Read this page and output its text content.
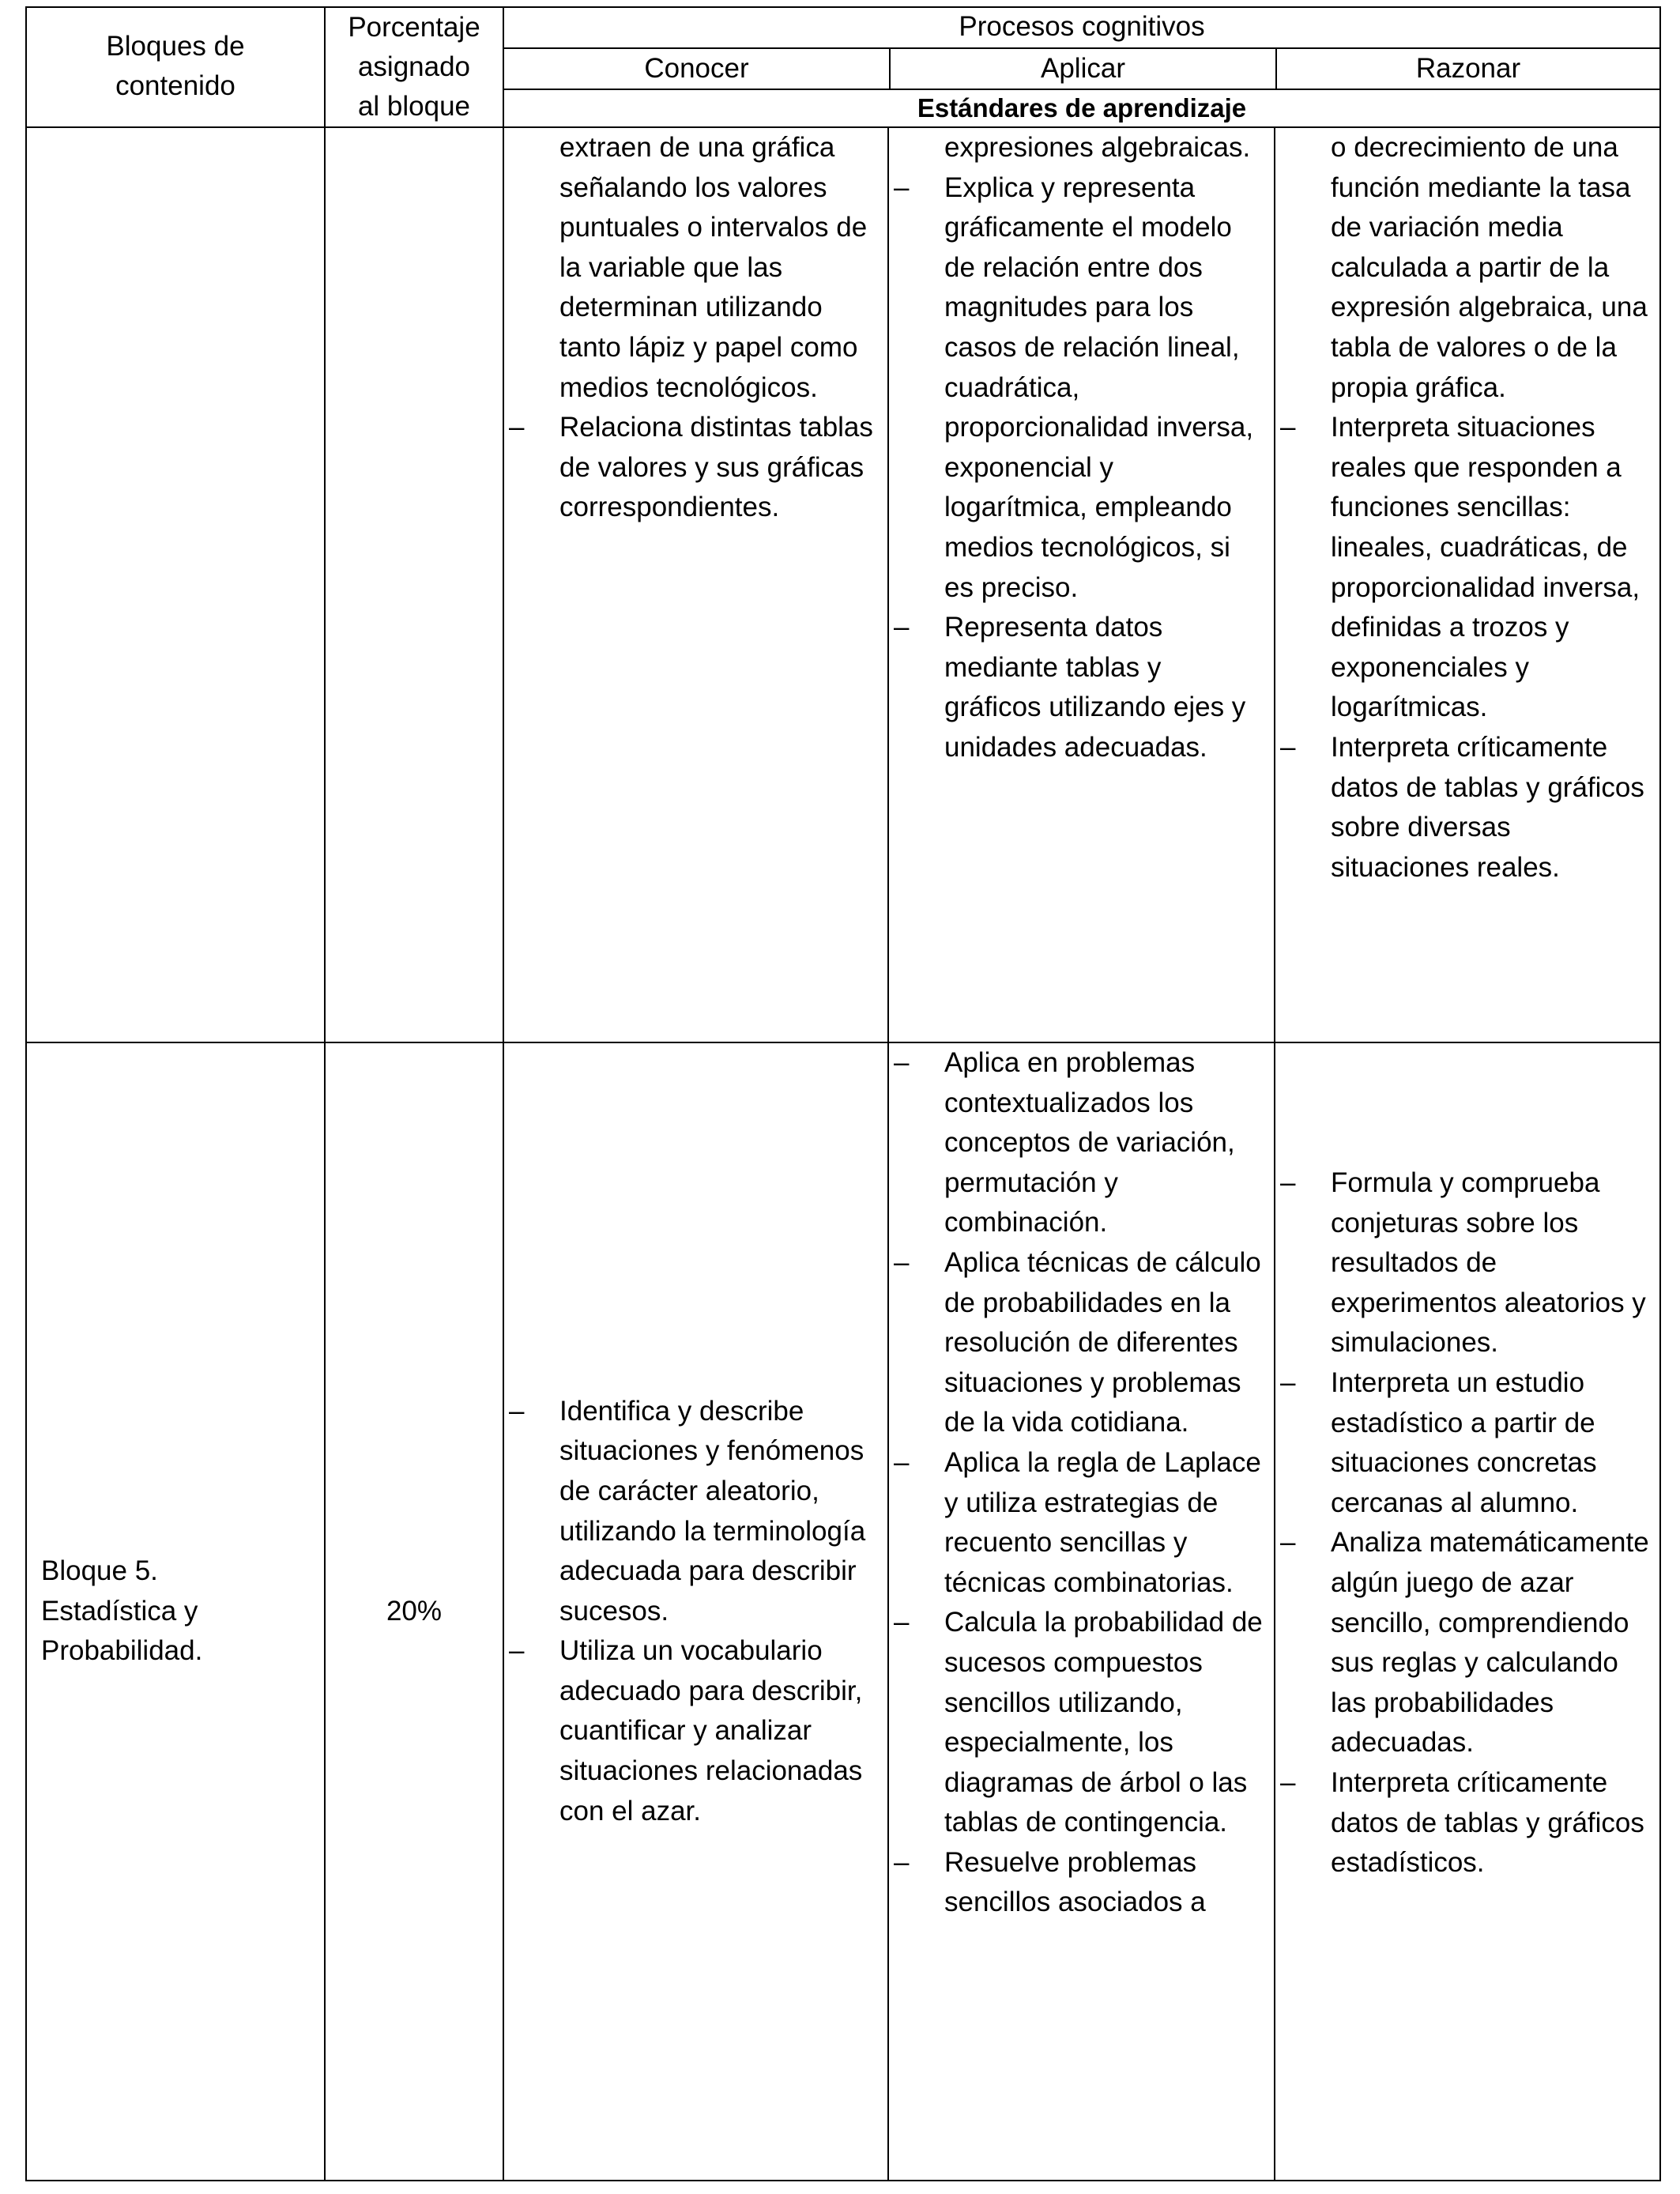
Bloques de
contenido
Porcentaje
asignado
al bloque
Procesos cognitivos
Conocer	Aplicar	Razonar
Estándares de aprendizaje
extraen de una gráfica señalando los valores puntuales o intervalos de la variable que las determinan utilizando tanto lápiz y papel como medios tecnológicos.
– Relaciona distintas tablas de valores y sus gráficas correspondientes.
expresiones algebraicas.
– Explica y representa gráficamente el modelo de relación entre dos magnitudes para los casos de relación lineal, cuadrática, proporcionalidad inversa, exponencial y logarítmica, empleando medios tecnológicos, si es preciso.
– Representa datos mediante tablas y gráficos utilizando ejes y unidades adecuadas.
o decrecimiento de una función mediante la tasa de variación media calculada a partir de la expresión algebraica, una tabla de valores o de la propia gráfica.
– Interpreta situaciones reales que responden a funciones sencillas: lineales, cuadráticas, de proporcionalidad inversa, definidas a trozos y exponenciales y logarítmicas.
– Interpreta críticamente datos de tablas y gráficos sobre diversas situaciones reales.
Bloque 5.
Estadística y
Probabilidad.
20%
– Identifica y describe situaciones y fenómenos de carácter aleatorio, utilizando la terminología adecuada para describir sucesos.
– Utiliza un vocabulario adecuado para describir, cuantificar y analizar situaciones relacionadas con el azar.
– Aplica en problemas contextualizados los conceptos de variación, permutación y combinación.
– Aplica técnicas de cálculo de probabilidades en la resolución de diferentes situaciones y problemas de la vida cotidiana.
– Aplica la regla de Laplace y utiliza estrategias de recuento sencillas y técnicas combinatorias.
– Calcula la probabilidad de sucesos compuestos sencillos utilizando, especialmente, los diagramas de árbol o las tablas de contingencia.
– Resuelve problemas sencillos asociados a
– Formula y comprueba conjeturas sobre los resultados de experimentos aleatorios y simulaciones.
– Interpreta un estudio estadístico a partir de situaciones concretas cercanas al alumno.
– Analiza matemáticamente algún juego de azar sencillo, comprendiendo sus reglas y calculando las probabilidades adecuadas.
– Interpreta críticamente datos de tablas y gráficos estadísticos.
